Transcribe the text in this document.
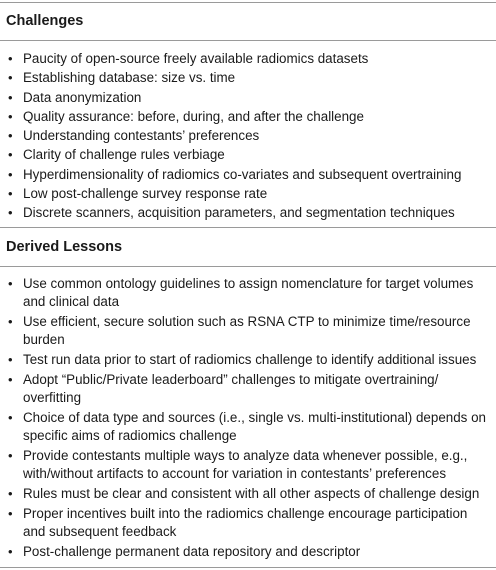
Challenges
• Paucity of open-source freely available radiomics datasets
• Establishing database: size vs. time
• Data anonymization
• Quality assurance: before, during, and after the challenge
• Understanding contestants’ preferences
• Clarity of challenge rules verbiage
• Hyperdimensionality of radiomics co-variates and subsequent overtraining
• Low post-challenge survey response rate
• Discrete scanners, acquisition parameters, and segmentation techniques
Derived Lessons
• Use common ontology guidelines to assign nomenclature for target volumes and clinical data
• Use efficient, secure solution such as RSNA CTP to minimize time/resource burden
• Test run data prior to start of radiomics challenge to identify additional issues
• Adopt “Public/Private leaderboard” challenges to mitigate overtraining/ overfitting
• Choice of data type and sources (i.e., single vs. multi-institutional) depends on specific aims of radiomics challenge
• Provide contestants multiple ways to analyze data whenever possible, e.g., with/without artifacts to account for variation in contestants’ preferences
• Rules must be clear and consistent with all other aspects of challenge design
• Proper incentives built into the radiomics challenge encourage participation and subsequent feedback
• Post-challenge permanent data repository and descriptor
